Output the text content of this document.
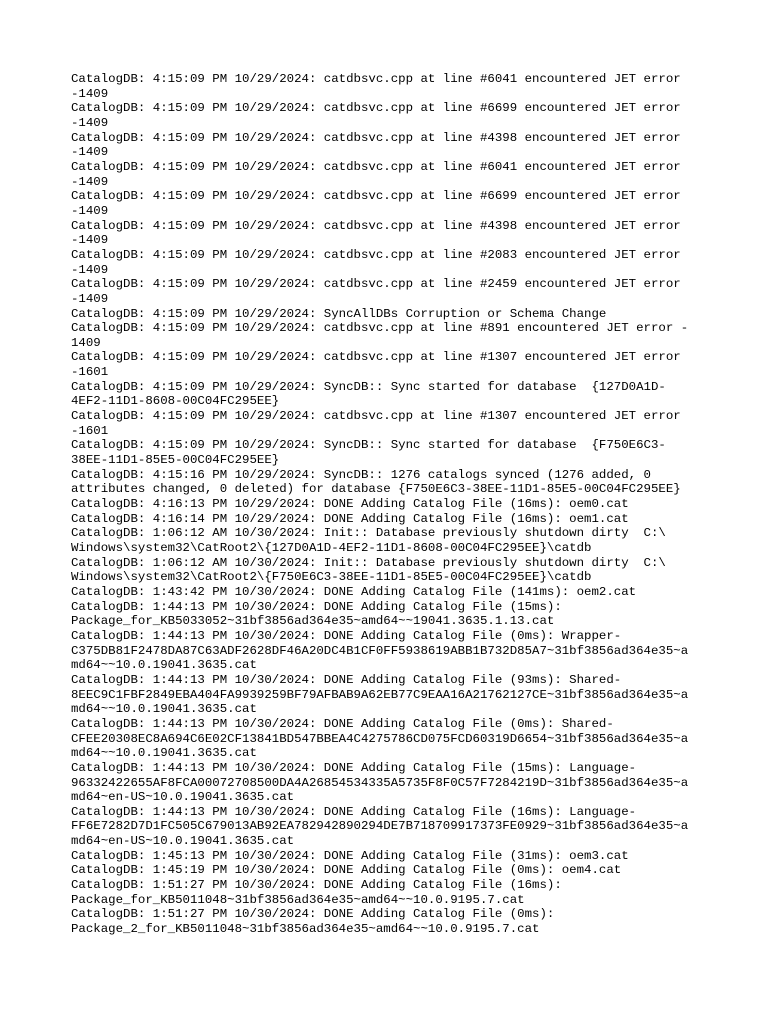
CatalogDB: 4:15:09 PM 10/29/2024: catdbsvc.cpp at line #6041 encountered JET error
-1409
CatalogDB: 4:15:09 PM 10/29/2024: catdbsvc.cpp at line #6699 encountered JET error
-1409
CatalogDB: 4:15:09 PM 10/29/2024: catdbsvc.cpp at line #4398 encountered JET error
-1409
CatalogDB: 4:15:09 PM 10/29/2024: catdbsvc.cpp at line #6041 encountered JET error
-1409
CatalogDB: 4:15:09 PM 10/29/2024: catdbsvc.cpp at line #6699 encountered JET error
-1409
CatalogDB: 4:15:09 PM 10/29/2024: catdbsvc.cpp at line #4398 encountered JET error
-1409
CatalogDB: 4:15:09 PM 10/29/2024: catdbsvc.cpp at line #2083 encountered JET error
-1409
CatalogDB: 4:15:09 PM 10/29/2024: catdbsvc.cpp at line #2459 encountered JET error
-1409
CatalogDB: 4:15:09 PM 10/29/2024: SyncAllDBs Corruption or Schema Change
CatalogDB: 4:15:09 PM 10/29/2024: catdbsvc.cpp at line #891 encountered JET error -
1409
CatalogDB: 4:15:09 PM 10/29/2024: catdbsvc.cpp at line #1307 encountered JET error
-1601
CatalogDB: 4:15:09 PM 10/29/2024: SyncDB:: Sync started for database  {127D0A1D-
4EF2-11D1-8608-00C04FC295EE}
CatalogDB: 4:15:09 PM 10/29/2024: catdbsvc.cpp at line #1307 encountered JET error
-1601
CatalogDB: 4:15:09 PM 10/29/2024: SyncDB:: Sync started for database  {F750E6C3-
38EE-11D1-85E5-00C04FC295EE}
CatalogDB: 4:15:16 PM 10/29/2024: SyncDB:: 1276 catalogs synced (1276 added, 0
attributes changed, 0 deleted) for database {F750E6C3-38EE-11D1-85E5-00C04FC295EE}
CatalogDB: 4:16:13 PM 10/29/2024: DONE Adding Catalog File (16ms): oem0.cat
CatalogDB: 4:16:14 PM 10/29/2024: DONE Adding Catalog File (16ms): oem1.cat
CatalogDB: 1:06:12 AM 10/30/2024: Init:: Database previously shutdown dirty  C:\
Windows\system32\CatRoot2\{127D0A1D-4EF2-11D1-8608-00C04FC295EE}\catdb
CatalogDB: 1:06:12 AM 10/30/2024: Init:: Database previously shutdown dirty  C:\
Windows\system32\CatRoot2\{F750E6C3-38EE-11D1-85E5-00C04FC295EE}\catdb
CatalogDB: 1:43:42 PM 10/30/2024: DONE Adding Catalog File (141ms): oem2.cat
CatalogDB: 1:44:13 PM 10/30/2024: DONE Adding Catalog File (15ms):
Package_for_KB5033052~31bf3856ad364e35~amd64~~19041.3635.1.13.cat
CatalogDB: 1:44:13 PM 10/30/2024: DONE Adding Catalog File (0ms): Wrapper-
C375DB81F2478DA87C63ADF2628DF46A20DC4B1CF0FF5938619ABB1B732D85A7~31bf3856ad364e35~a
md64~~10.0.19041.3635.cat
CatalogDB: 1:44:13 PM 10/30/2024: DONE Adding Catalog File (93ms): Shared-
8EEC9C1FBF2849EBA404FA9939259BF79AFBAB9A62EB77C9EAA16A21762127CE~31bf3856ad364e35~a
md64~~10.0.19041.3635.cat
CatalogDB: 1:44:13 PM 10/30/2024: DONE Adding Catalog File (0ms): Shared-
CFEE20308EC8A694C6E02CF13841BD547BBEA4C4275786CD075FCD60319D6654~31bf3856ad364e35~a
md64~~10.0.19041.3635.cat
CatalogDB: 1:44:13 PM 10/30/2024: DONE Adding Catalog File (15ms): Language-
96332422655AF8FCA00072708500DA4A26854534335A5735F8F0C57F7284219D~31bf3856ad364e35~a
md64~en-US~10.0.19041.3635.cat
CatalogDB: 1:44:13 PM 10/30/2024: DONE Adding Catalog File (16ms): Language-
FF6E7282D7D1FC505C679013AB92EA782942890294DE7B718709917373FE0929~31bf3856ad364e35~a
md64~en-US~10.0.19041.3635.cat
CatalogDB: 1:45:13 PM 10/30/2024: DONE Adding Catalog File (31ms): oem3.cat
CatalogDB: 1:45:19 PM 10/30/2024: DONE Adding Catalog File (0ms): oem4.cat
CatalogDB: 1:51:27 PM 10/30/2024: DONE Adding Catalog File (16ms):
Package_for_KB5011048~31bf3856ad364e35~amd64~~10.0.9195.7.cat
CatalogDB: 1:51:27 PM 10/30/2024: DONE Adding Catalog File (0ms):
Package_2_for_KB5011048~31bf3856ad364e35~amd64~~10.0.9195.7.cat
